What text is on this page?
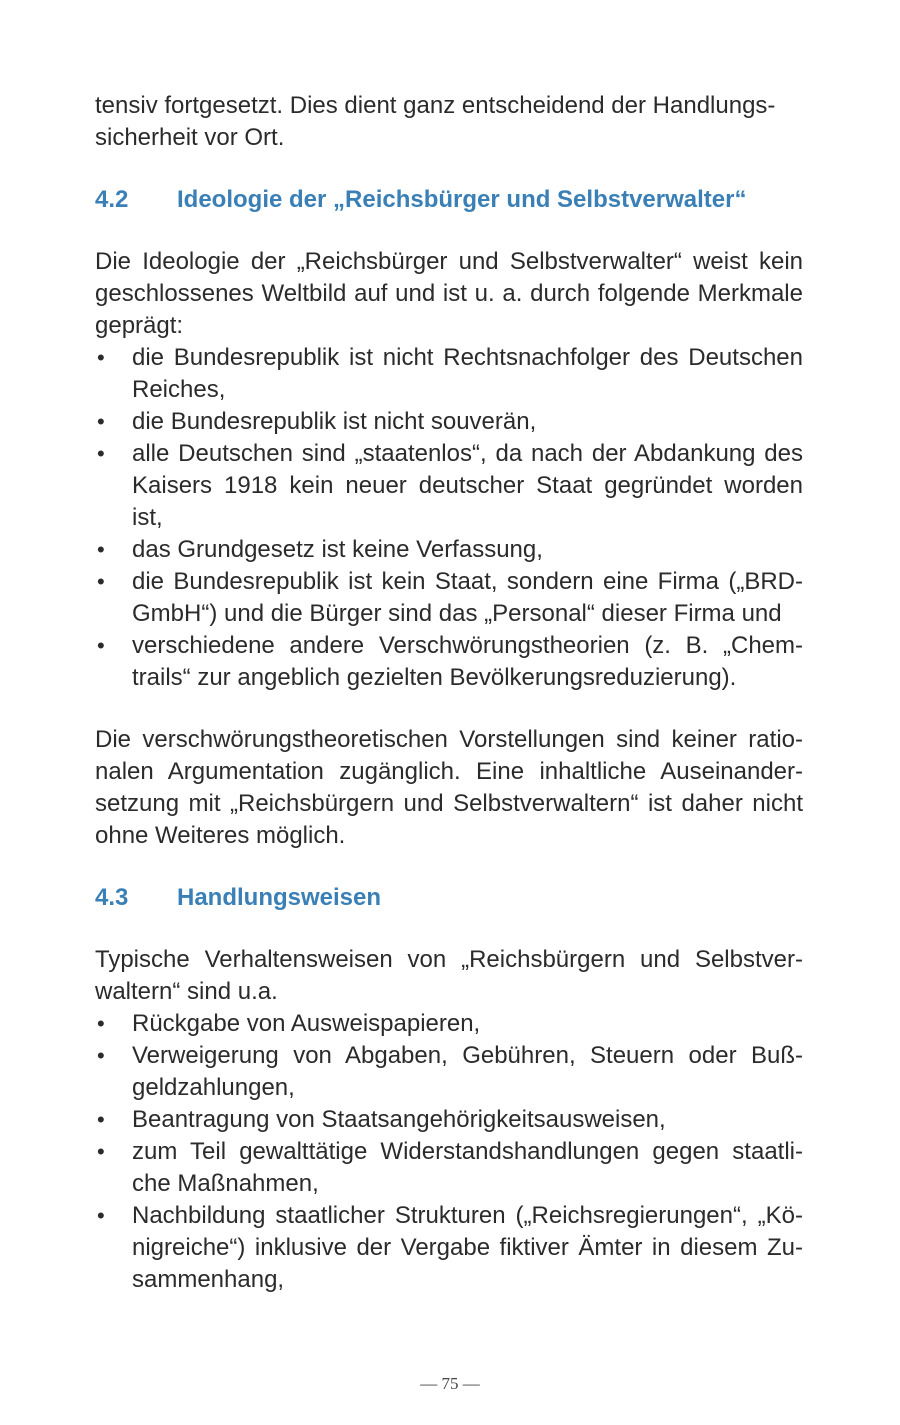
tensiv fortgesetzt. Dies dient ganz entscheidend der Handlungs-
sicherheit vor Ort.

4.2	Ideologie der „Reichsbürger und Selbstverwalter“

Die Ideologie der „Reichsbürger und Selbstverwalter“ weist kein geschlossenes Weltbild auf und ist u. a. durch folgende Merkmale geprägt:

• die Bundesrepublik ist nicht Rechtsnachfolger des Deutschen Reiches,
• die Bundesrepublik ist nicht souverän,
• alle Deutschen sind „staatenlos“, da nach der Abdankung des Kaisers 1918 kein neuer deutscher Staat gegründet worden ist,
• das Grundgesetz ist keine Verfassung,
• die Bundesrepublik ist kein Staat, sondern eine Firma („BRD-GmbH“) und die Bürger sind das „Personal“ dieser Firma und
• verschiedene andere Verschwörungstheorien (z. B. „Chem-trails“ zur angeblich gezielten Bevölkerungsreduzierung).

Die verschwörungstheoretischen Vorstellungen sind keiner ratio-nalen Argumentation zugänglich. Eine inhaltliche Auseinander-setzung mit „Reichsbürgern und Selbstverwaltern“ ist daher nicht ohne Weiteres möglich.

4.3	Handlungsweisen

Typische Verhaltensweisen von „Reichsbürgern und Selbstver-waltern“ sind u.a.

• Rückgabe von Ausweispapieren,
• Verweigerung von Abgaben, Gebühren, Steuern oder Buß-geldzahlungen,
• Beantragung von Staatsangehörigkeitsausweisen,
• zum Teil gewalttätige Widerstandshandlungen gegen staatli-che Maßnahmen,
• Nachbildung staatlicher Strukturen („Reichsregierungen“, „Kö-nigreiche“) inklusive der Vergabe fiktiver Ämter in diesem Zu-sammenhang,
— 75 —
